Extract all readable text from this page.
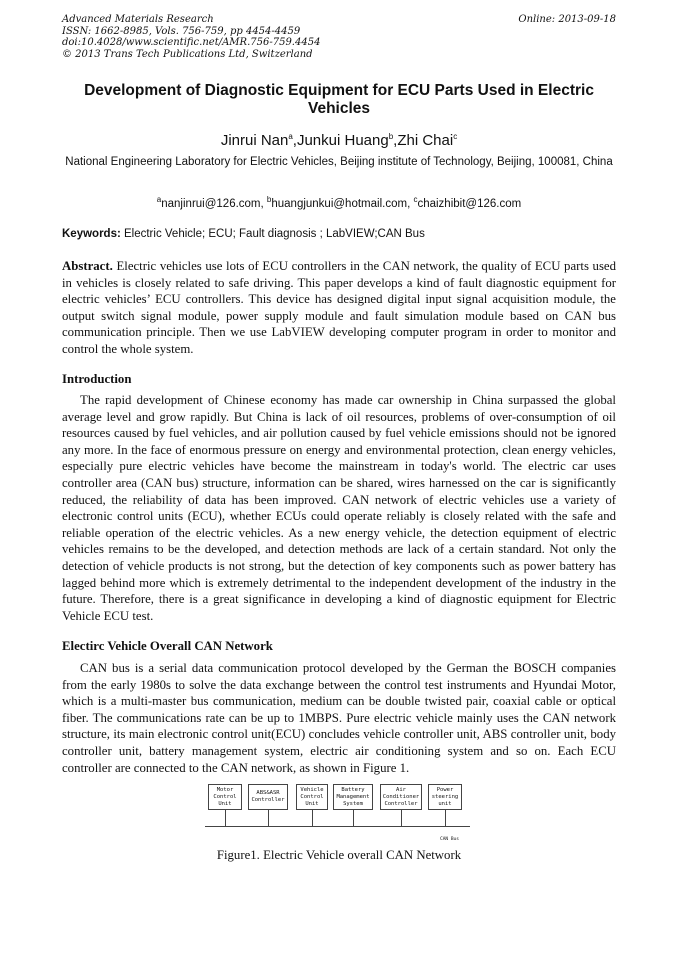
Advanced Materials Research
ISSN: 1662-8985, Vols. 756-759, pp 4454-4459
doi:10.4028/www.scientific.net/AMR.756-759.4454
© 2013 Trans Tech Publications Ltd, Switzerland
Online: 2013-09-18
Development of Diagnostic Equipment for ECU Parts Used in Electric Vehicles
Jinrui Nan$^a$,Junkui Huang$^b$,Zhi Chai$^c$
National Engineering Laboratory for Electric Vehicles, Beijing institute of Technology, Beijing, 100081, China
$^a$nanjinrui@126.com, $^b$huangjunkui@hotmail.com, $^c$chaizhibit@126.com
Keywords: Electric Vehicle; ECU; Fault diagnosis ; LabVIEW;CAN Bus
Abstract. Electric vehicles use lots of ECU controllers in the CAN network, the quality of ECU parts used in vehicles is closely related to safe driving. This paper develops a kind of fault diagnostic equipment for electric vehicles’ ECU controllers. This device has designed digital input signal acquisition module, the output switch signal module, power supply module and fault simulation module based on CAN bus communication principle. Then we use LabVIEW developing computer program in order to monitor and control the whole system.
Introduction
The rapid development of Chinese economy has made car ownership in China surpassed the global average level and grow rapidly. But China is lack of oil resources, problems of over-consumption of oil resources caused by fuel vehicles, and air pollution caused by fuel vehicle emissions should not be ignored any more. In the face of enormous pressure on energy and environmental protection, clean energy vehicles, especially pure electric vehicles have become the mainstream in today's world. The electric car uses controller area (CAN bus) structure, information can be shared, wires harnessed on the car is significantly reduced, the reliability of data has been improved. CAN network of electric vehicles use a variety of electronic control units (ECU), whether ECUs could operate reliably is closely related with the safe and reliable operation of the electric vehicles. As a new energy vehicle, the detection equipment of electric vehicles remains to be the developed, and detection methods are lack of a certain standard. Not only the detection of vehicle products is not strong, but the detection of key components such as power battery has lagged behind more which is extremely detrimental to the independent development of the industry in the future. Therefore, there is a great significance in developing a kind of diagnostic equipment for Electric Vehicle ECU test.
Electirc Vehicle Overall CAN Network
CAN bus is a serial data communication protocol developed by the German the BOSCH companies from the early 1980s to solve the data exchange between the control test instruments and Hyundai Motor, which is a multi-master bus communication, medium can be double twisted pair, coaxial cable or optical fiber. The communications rate can be up to 1MBPS. Pure electric vehicle mainly uses the CAN network structure, its main electronic control unit(ECU) concludes vehicle controller unit, ABS controller unit, body controller unit, battery management system, electric air conditioning system and so on. Each ECU controller are connected to the CAN network, as shown in Figure 1.
Motor Control Unit
ABS&ASR Controller
Vehicle Control Unit
Battery Management System
Air Conditioner Controller
Power steering unit
CAN Bus
Figure1. Electric Vehicle overall CAN Network
